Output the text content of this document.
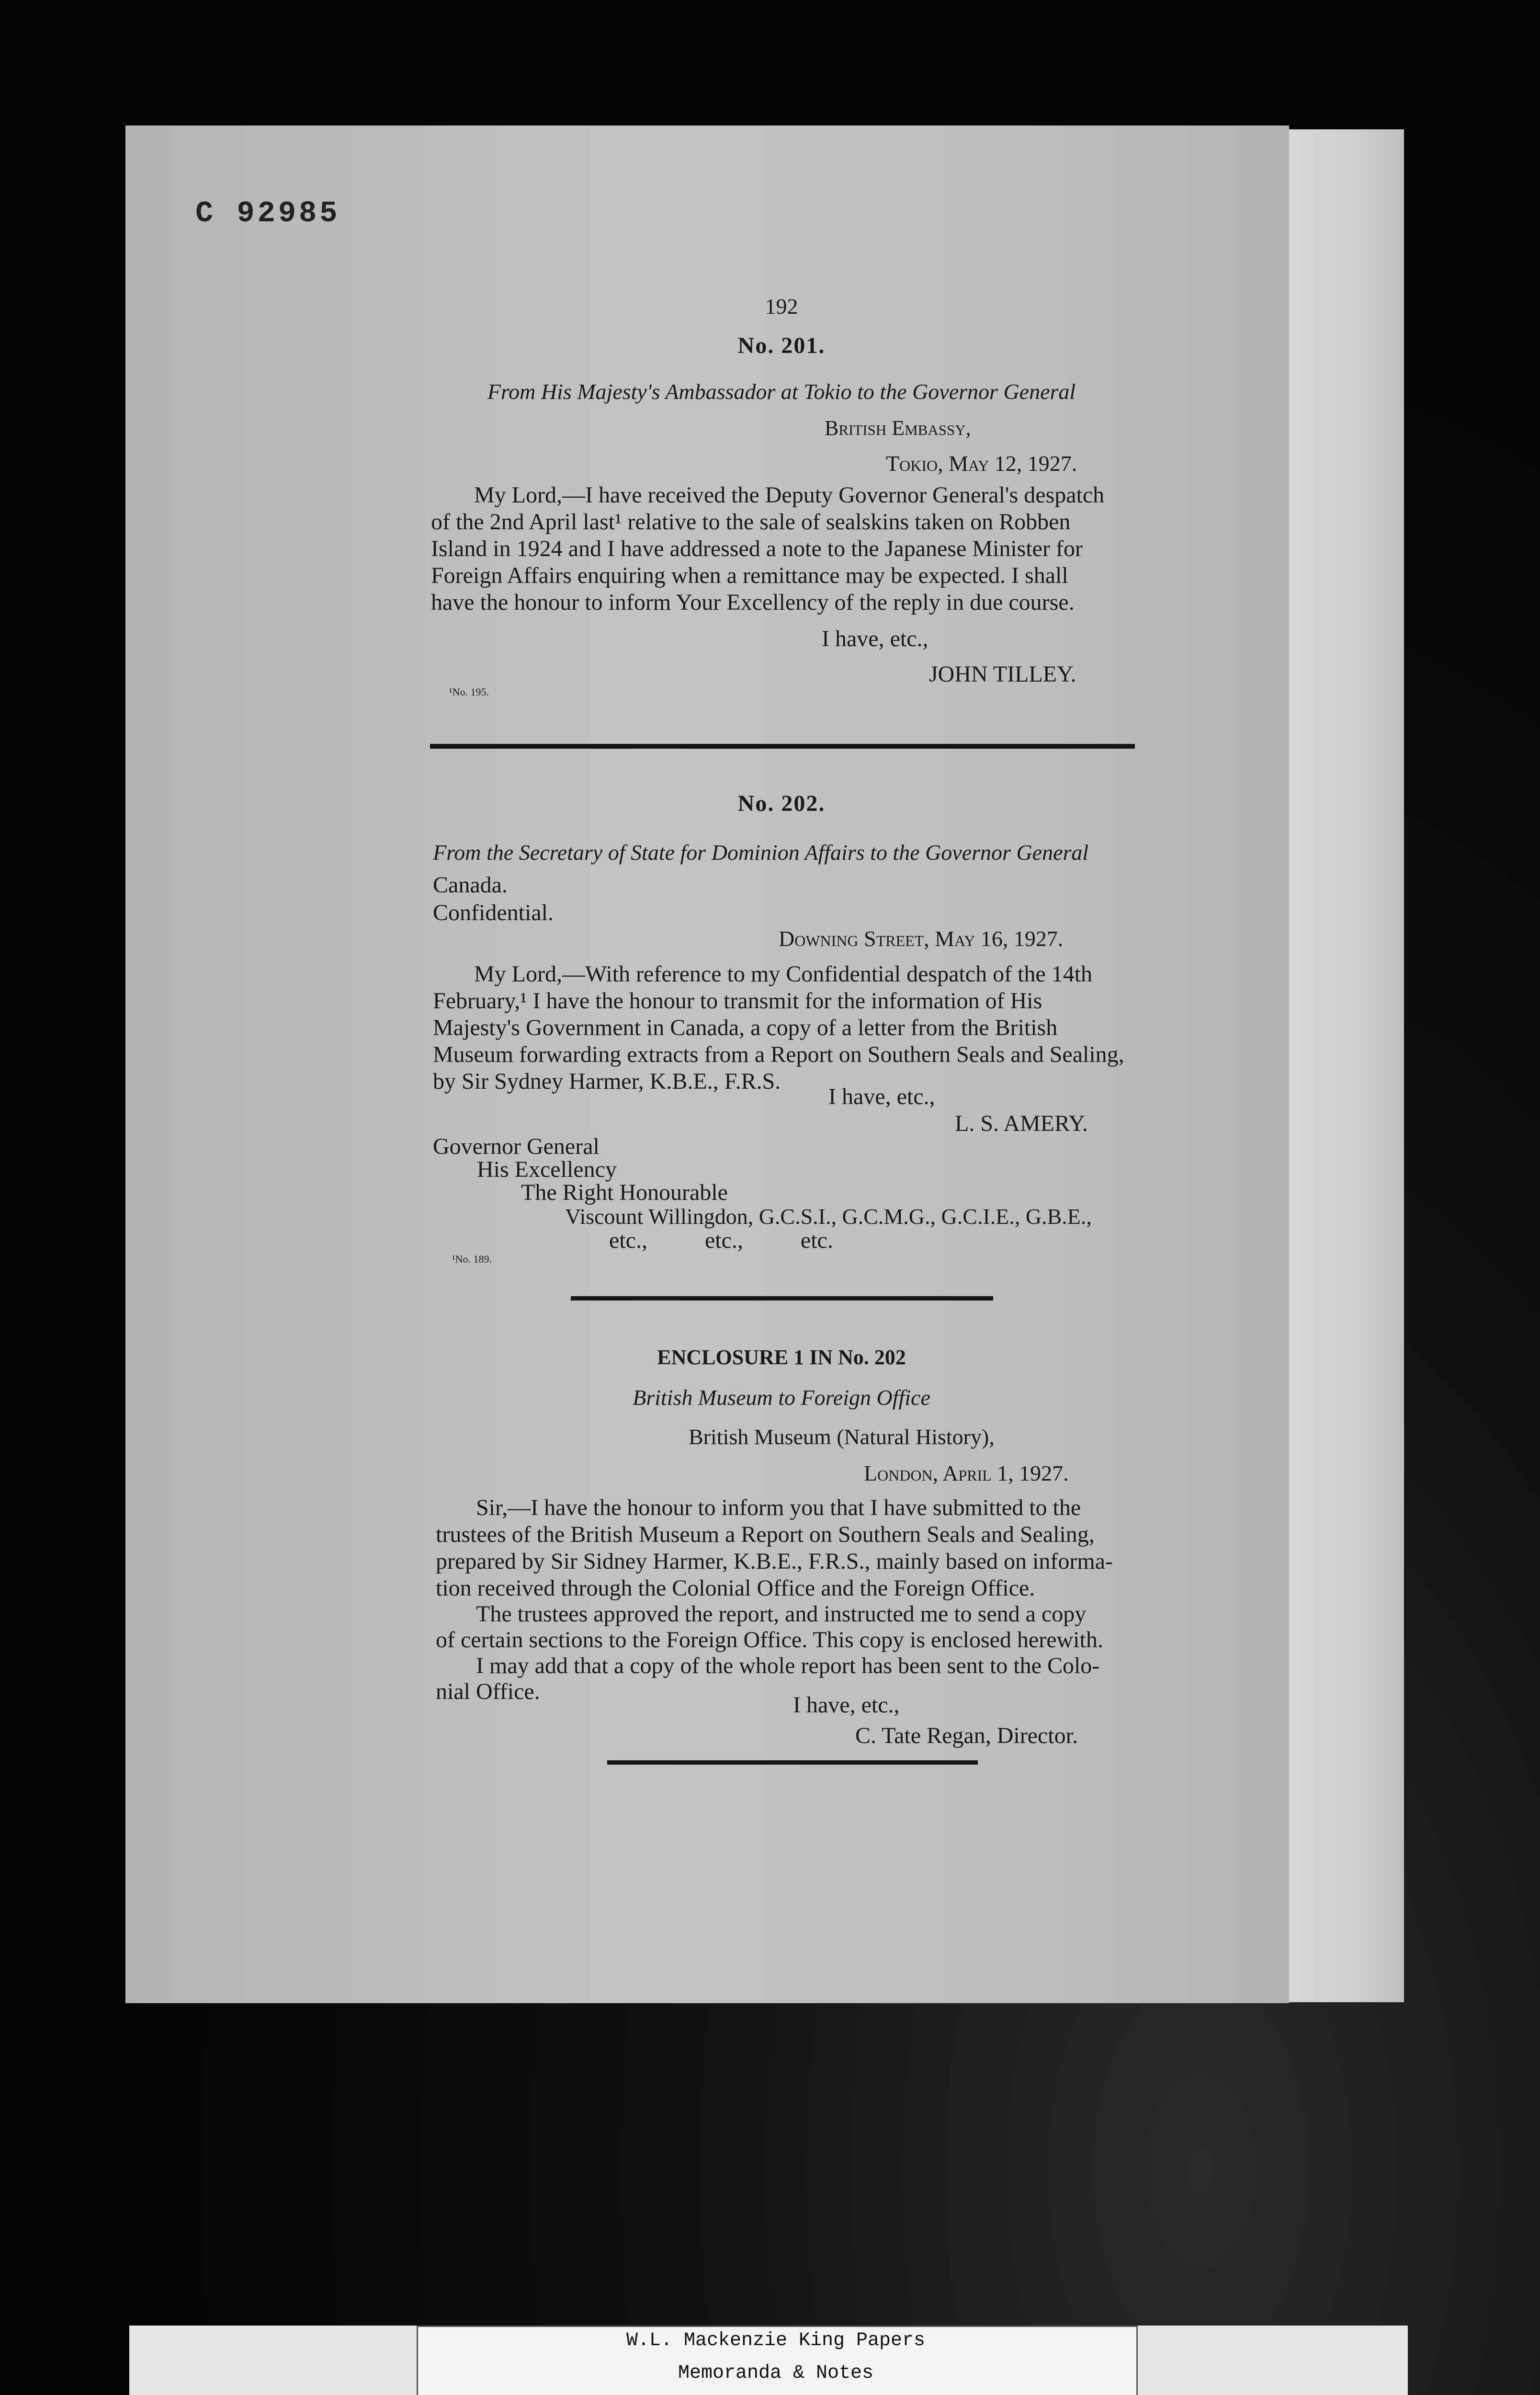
C 92985
192
No. 201.
From His Majesty's Ambassador at Tokio to the Governor General
British Embassy,
Tokio, May 12, 1927.
My Lord,—I have received the Deputy Governor General's despatch
of the 2nd April last¹ relative to the sale of sealskins taken on Robben
Island in 1924 and I have addressed a note to the Japanese Minister for
Foreign Affairs enquiring when a remittance may be expected. I shall
have the honour to inform Your Excellency of the reply in due course.
I have, etc.,
JOHN TILLEY.
¹No. 195.
No. 202.
From the Secretary of State for Dominion Affairs to the Governor General
Canada.
Confidential.
Downing Street, May 16, 1927.
My Lord,—With reference to my Confidential despatch of the 14th
February,¹ I have the honour to transmit for the information of His
Majesty's Government in Canada, a copy of a letter from the British
Museum forwarding extracts from a Report on Southern Seals and Sealing,
by Sir Sydney Harmer, K.B.E., F.R.S.
I have, etc.,
L. S. AMERY.
Governor General
His Excellency
The Right Honourable
Viscount Willingdon, G.C.S.I., G.C.M.G., G.C.I.E., G.B.E.,
etc.,          etc.,          etc.
¹No. 189.
ENCLOSURE 1 IN No. 202
British Museum to Foreign Office
British Museum (Natural History),
London, April 1, 1927.
Sir,—I have the honour to inform you that I have submitted to the
trustees of the British Museum a Report on Southern Seals and Sealing,
prepared by Sir Sidney Harmer, K.B.E., F.R.S., mainly based on informa-
tion received through the Colonial Office and the Foreign Office.
The trustees approved the report, and instructed me to send a copy
of certain sections to the Foreign Office. This copy is enclosed herewith.
I may add that a copy of the whole report has been sent to the Colo-
nial Office.
I have, etc.,
C. Tate Regan, Director.
W.L. Mackenzie King Papers
Memoranda & Notes
